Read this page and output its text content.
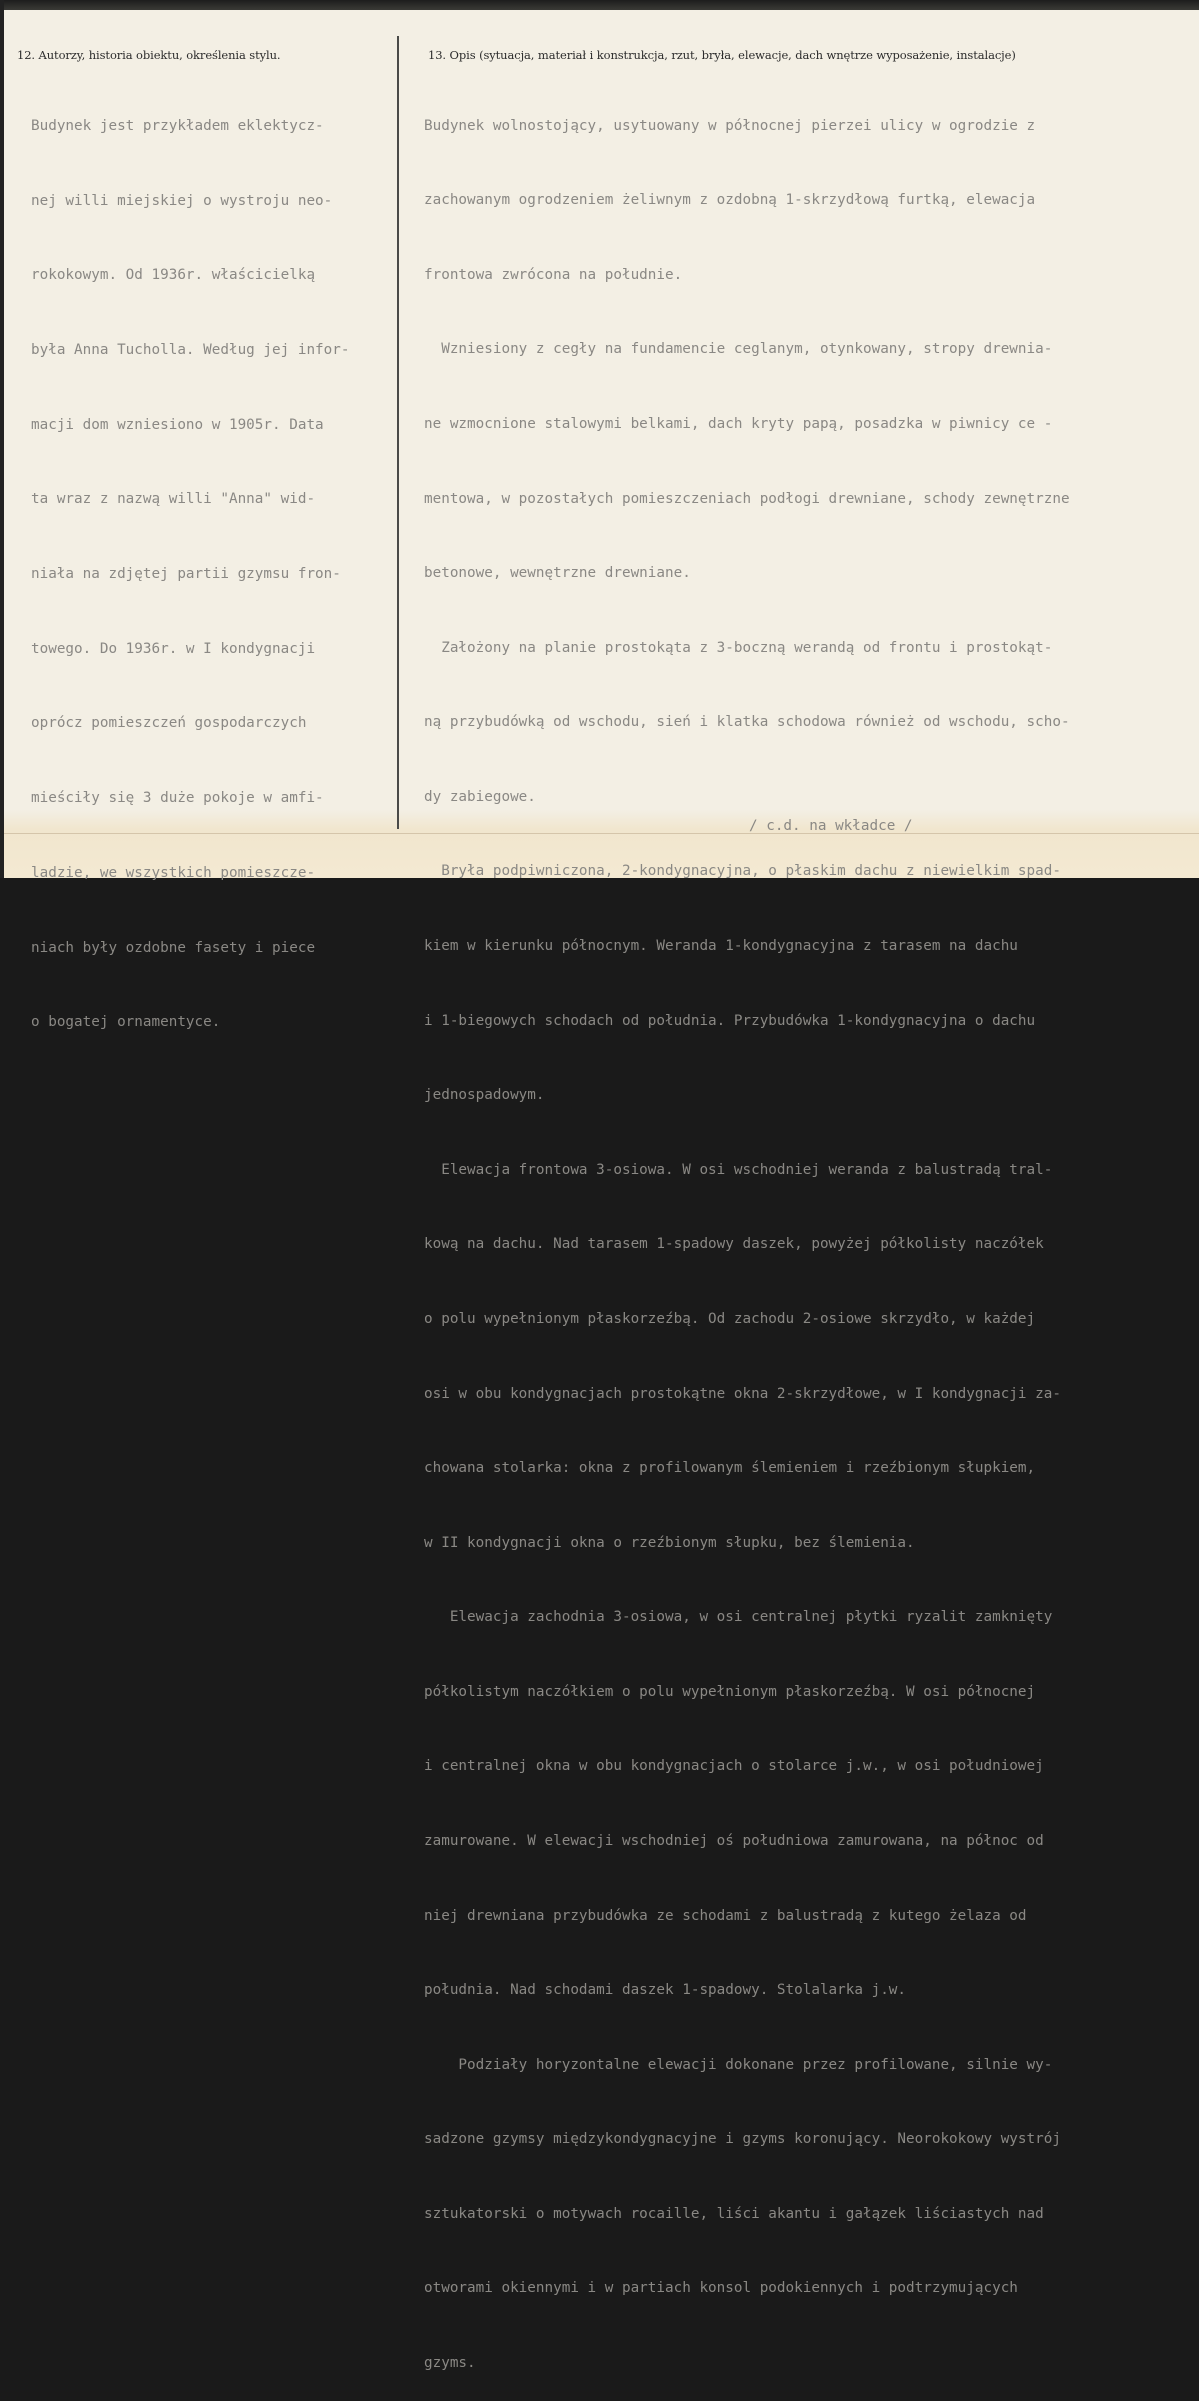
12. Autorzy, historia obiektu, określenia stylu.	13. Opis (sytuacja, materiał i konstrukcja, rzut, bryła, elewacje, dach wnętrze wyposażenie, instalacje)

Budynek jest przykładem eklektycz-

nej willi miejskiej o wystroju neo-

rokokowym. Od 1936r. właścicielką

była Anna Tucholla. Według jej infor-

macji dom wzniesiono w 1905r. Data

ta wraz z nazwą willi "Anna" wid-

niała na zdjętej partii gzymsu fron-

towego. Do 1936r. w I kondygnacji

oprócz pomieszczeń gospodarczych

mieściły się 3 duże pokoje w amfi-

ladzie, we wszystkich pomieszcze-

niach były ozdobne fasety i piece

o bogatej ornamentyce.

Budynek wolnostojący, usytuowany w północnej pierzei ulicy w ogrodzie z

zachowanym ogrodzeniem żeliwnym z ozdobną 1-skrzydłową furtką, elewacja

frontowa zwrócona na południe.

Wzniesiony z cegły na fundamencie ceglanym, otynkowany, stropy drewnia-

ne wzmocnione stalowymi belkami, dach kryty papą, posadzka w piwnicy ce -

mentowa, w pozostałych pomieszczeniach podłogi drewniane, schody zewnętrzne

betonowe, wewnętrzne drewniane.

Założony na planie prostokąta z 3-boczną werandą od frontu i prostokąt-

ną przybudówką od wschodu, sień i klatka schodowa również od wschodu, scho-

dy zabiegowe.

Bryła podpiwniczona, 2-kondygnacyjna, o płaskim dachu z niewielkim spad-

kiem w kierunku północnym. Weranda 1-kondygnacyjna z tarasem na dachu

i 1-biegowych schodach od południa. Przybudówka 1-kondygnacyjna o dachu

jednospadowym.

Elewacja frontowa 3-osiowa. W osi wschodniej weranda z balustradą tral-

kową na dachu. Nad tarasem 1-spadowy daszek, powyżej półkolisty naczółek

o polu wypełnionym płaskorzeźbą. Od zachodu 2-osiowe skrzydło, w każdej

osi w obu kondygnacjach prostokątne okna 2-skrzydłowe, w I kondygnacji za-

chowana stolarka: okna z profilowanym ślemieniem i rzeźbionym słupkiem,

w II kondygnacji okna o rzeźbionym słupku, bez ślemienia.

Elewacja zachodnia 3-osiowa, w osi centralnej płytki ryzalit zamknięty

półkolistym naczółkiem o polu wypełnionym płaskorzeźbą. W osi północnej

i centralnej okna w obu kondygnacjach o stolarce j.w., w osi południowej

zamurowane. W elewacji wschodniej oś południowa zamurowana, na północ od

niej drewniana przybudówka ze schodami z balustradą z kutego żelaza od

południa. Nad schodami daszek 1-spadowy. Stolalarka j.w.

Podziały horyzontalne elewacji dokonane przez profilowane, silnie wy-

sadzone gzymsy międzykondygnacyjne i gzyms koronujący. Neorokokowy wystrój

sztukatorski o motywach rocaille, liści akantu i gałązek liściastych nad

otworami okiennymi i w partiach konsol podokiennych i podtrzymujących

gzyms.

/ c.d. na wkładce /
